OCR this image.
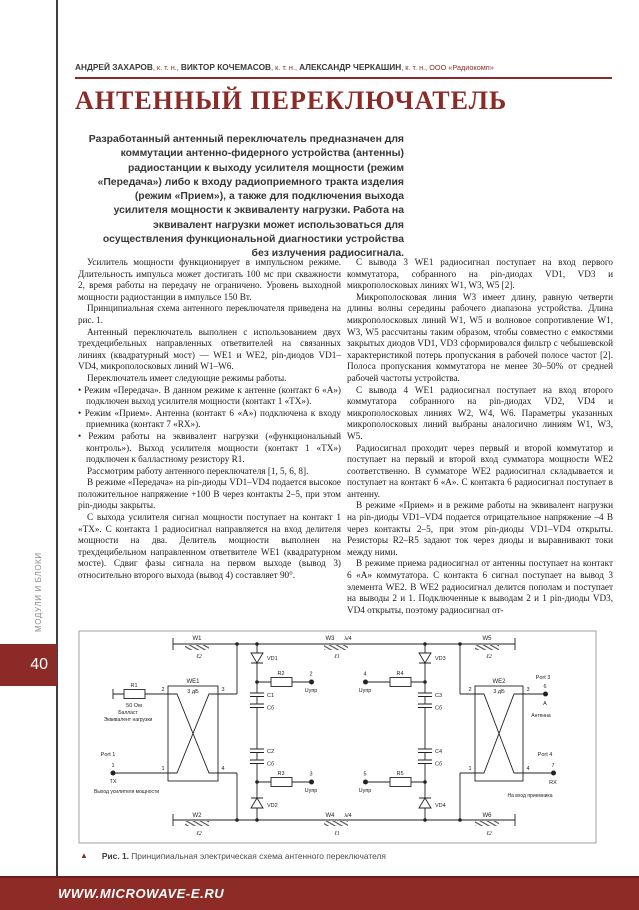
МОДУЛИ И БЛОКИ
40
АНДРЕЙ ЗАХАРОВ, к. т. н., ВИКТОР КОЧЕМАСОВ, к. т. н., АЛЕКСАНДР ЧЕРКАШИН, к. т. н., ООО «Радиокомп»
АНТЕННЫЙ ПЕРЕКЛЮЧАТЕЛЬ
Разработанный антенный переключатель предназначен для коммутации антенно-фидерного устройства (антенны) радиостанции к выходу усилителя мощности (режим «Передача») либо к входу радиоприемного тракта изделия (режим «Прием»), а также для подключения выхода усилителя мощности к эквиваленту нагрузки. Работа на эквивалент нагрузки может использоваться для осуществления функциональной диагностики устройства без излучения радиосигнала.

Усилитель мощности функционирует в импульсном режиме. Длительность импульса может достигать 100 мс при скважности 2, время работы на передачу не ограничено. Уровень выходной мощности радиостанции в импульсе 150 Вт.

Принципиальная схема антенного переключателя приведена на рис. 1.

Антенный переключатель выполнен с использованием двух трехдецибельных направленных ответвителей на связанных линиях (квадратурный мост) — WE1 и WE2, pin-диодов VD1–VD4, микрополосковых линий W1–W6.

Переключатель имеет следующие режимы работы.

• Режим «Передача». В данном режиме к антенне (контакт 6 «А») подключен выход усилителя мощности (контакт 1 «TX»).

• Режим «Прием». Антенна (контакт 6 «А») подключена к входу приемника (контакт 7 «RX»).

• Режим работы на эквивалент нагрузки («функциональный контроль»). Выход усилителя мощности (контакт 1 «TX») подключен к балластному резистору R1.

Рассмотрим работу антенного переключателя [1, 5, 6, 8].

В режиме «Передача» на pin-диоды VD1–VD4 подается высокое положительное напряжение +100 В через контакты 2–5, при этом pin-диоды закрыты.

С выхода усилителя сигнал мощности поступает на контакт 1 «TX». С контакта 1 радиосигнал направляется на вход делителя мощности на два. Делитель мощности выполнен на трехдецибельном направленном ответвителе WE1 (квадратурном мосте). Сдвиг фазы сигнала на первом выходе (вывод 3) относительно второго выхода (вывод 4) составляет 90°.

С вывода 3 WE1 радиосигнал поступает на вход первого коммутатора, собранного на pin-диодах VD1, VD3 и микрополосковых линиях W1, W3, W5 [2].

Микрополосковая линия W3 имеет длину, равную четверти длины волны середины рабочего диапазона устройства. Длина микрополосковых линий W1, W5 и волновое сопротивление W1, W3, W5 рассчитаны таким образом, чтобы совместно с емкостями закрытых диодов VD1, VD3 сформировался фильтр с чебышевской характеристикой потерь пропускания в рабочей полосе частот [2]. Полоса пропускания коммутатора не менее 30–50% от средней рабочей частоты устройства.

С вывода 4 WE1 радиосигнал поступает на вход второго коммутатора собранного на pin-диодах VD2, VD4 и микрополосковых линиях W2, W4, W6. Параметры указанных микрополосковых линий выбраны аналогично линиям W1, W3, W5.

Радиосигнал проходит через первый и второй коммутатор и поступает на первый и второй вход сумматора мощности WE2 соответственно. В сумматоре WE2 радиосигнал складывается и поступает на контакт 6 «А». С контакта 6 радиосигнал поступает в антенну.

В режиме «Прием» и в режиме работы на эквивалент нагрузки на pin-диоды VD1–VD4 подается отрицательное напряжение –4 В через контакты 2–5, при этом pin-диоды VD1–VD4 открыты. Резисторы R2–R5 задают ток через диоды и выравнивают токи между ними.

В режиме приема радиосигнал от антенны поступает на контакт 6 «А» коммутатора. С контакта 6 сигнал поступает на вывод 3 элемента WE2. В WE2 радиосигнал делится пополам и поступает на выводы 2 и 1. Подключенные к выводам 2 и 1 pin-диоды VD3, VD4 открыты, поэтому радиосигнал от-

W1	W3 λ/4	W5
ℓ2	ℓ1	ℓ2
W2	W4 λ/4	W6
ℓ2	ℓ1	ℓ2
VD1
VD2
VD3
VD4
C1
Сб
C2
Сб
C3
Сб
C4
Сб
R1
50 Ом
R2
R3
R4
R5
2
Uупр
3
Uупр
4
Uупр
5
Uупр
WE1
3 дБ
2	3
1	4
WE2
3 дБ
2	3
1	4
Балласт
Эквивалент нагрузки
Port 1
1
TX
Выход усилителя мощности
Port 3
6
А
Антенна
Port 4
7
RX
На вход приемника
▲ Рис. 1. Принципиальная электрическая схема антенного переключателя
WWW.MICROWAVE-E.RU
